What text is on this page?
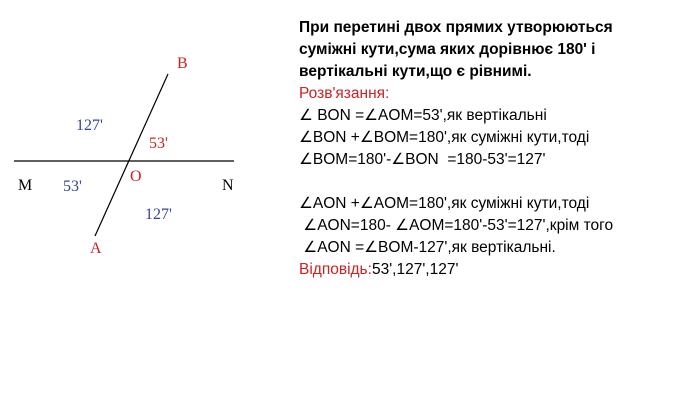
B
A
O
M	N
127'
53'
53'
127'
При перетині двох прямих утворюються
суміжні кути,сума яких дорівнює 180' і
вертікальні кути,що є рівнимі.
Розв'язання:
∠ BON =∠AOM=53',як вертікальні
∠BON +∠BOM=180',як суміжні кути,тоді
∠BOM=180'-∠BON  =180-53'=127'
∠AON +∠AOM=180',як суміжні кути,тоді
∠AON=180- ∠AOM=180'-53'=127',крім того
∠AON =∠BOM-127',як вертікальні.
Відповідь:53',127',127'
